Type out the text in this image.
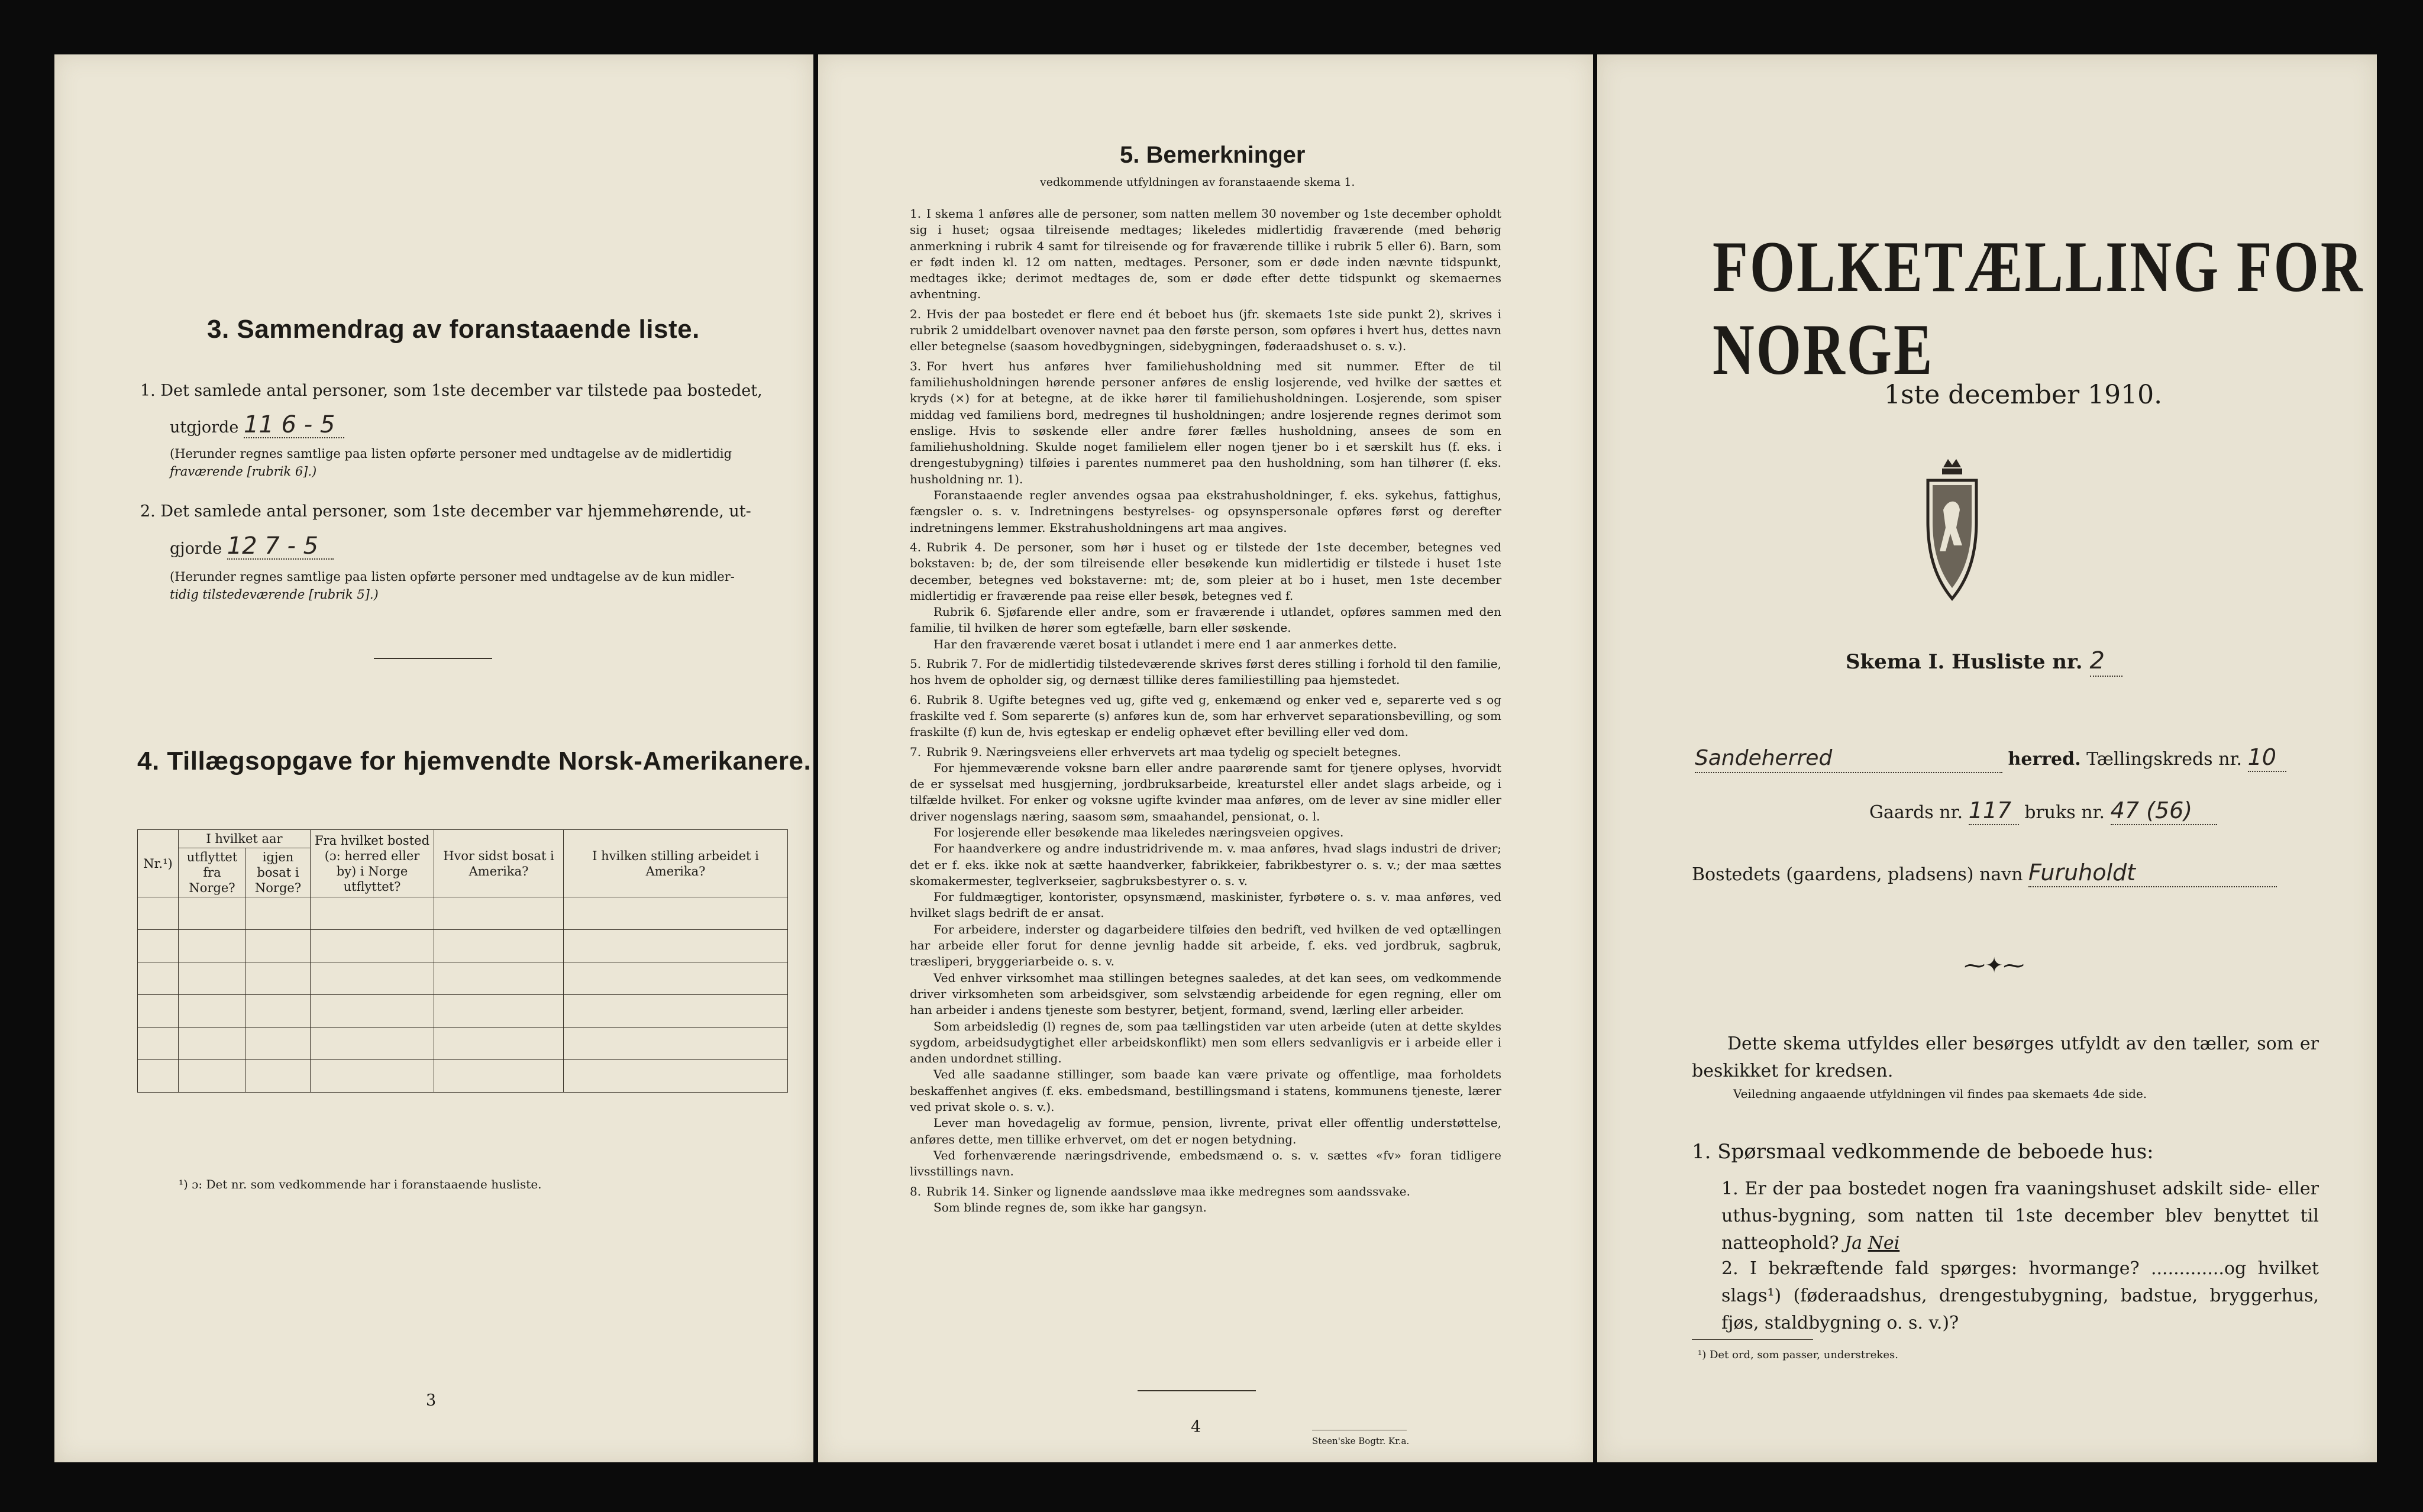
3. Sammendrag av foranstaaende liste.
1. Det samlede antal personer, som 1ste december var tilstede paa bostedet,
utgjorde 11 6 - 5
(Herunder regnes samtlige paa listen opførte personer med undtagelse av de midlertidig
fraværende [rubrik 6].)
2. Det samlede antal personer, som 1ste december var hjemmehørende, ut-
gjorde 12 7 - 5
(Herunder regnes samtlige paa listen opførte personer med undtagelse av de kun midler-
tidig tilstedeværende [rubrik 5].)
4. Tillægsopgave for hjemvendte Norsk-Amerikanere.
Nr.¹)	I hvilket aar		Fra hvilket bosted (ɔ: herred eller by) i Norge utflyttet?	Hvor sidst bosat i Amerika?	I hvilken stilling arbeidet i Amerika?
	utflyttet fra Norge?	igjen bosat i Norge?			

¹) ɔ: Det nr. som vedkommende har i foranstaaende husliste.
3
5. Bemerkninger
vedkommende utfyldningen av foranstaaende skema 1.

1. I skema 1 anføres alle de personer, som natten mellem 30 november og 1ste december opholdt sig i huset; ogsaa tilreisende medtages; likeledes midlertidig fraværende (med behørig anmerkning i rubrik 4 samt for tilreisende og for fraværende tillike i rubrik 5 eller 6). Barn, som er født inden kl. 12 om natten, medtages. Personer, som er døde inden nævnte tidspunkt, medtages ikke; derimot medtages de, som er døde efter dette tidspunkt og skemaernes avhentning.

2. Hvis der paa bostedet er flere end ét beboet hus (jfr. skemaets 1ste side punkt 2), skrives i rubrik 2 umiddelbart ovenover navnet paa den første person, som opføres i hvert hus, dettes navn eller betegnelse (saasom hovedbygningen, sidebygningen, føderaadshuset o. s. v.).

3. For hvert hus anføres hver familiehusholdning med sit nummer. Efter de til familiehusholdningen hørende personer anføres de enslig losjerende, ved hvilke der sættes et kryds (×) for at betegne, at de ikke hører til familiehusholdningen. Losjerende, som spiser middag ved familiens bord, medregnes til husholdningen; andre losjerende regnes derimot som enslige. Hvis to søskende eller andre fører fælles husholdning, ansees de som en familiehusholdning. Skulde noget familielem eller nogen tjener bo i et særskilt hus (f. eks. i drengestubygning) tilføies i parentes nummeret paa den husholdning, som han tilhører (f. eks. husholdning nr. 1).

Foranstaaende regler anvendes ogsaa paa ekstrahusholdninger, f. eks. sykehus, fattighus, fængsler o. s. v. Indretningens bestyrelses- og opsynspersonale opføres først og derefter indretningens lemmer. Ekstrahusholdningens art maa angives.

4. Rubrik 4. De personer, som hør i huset og er tilstede der 1ste december, betegnes ved bokstaven: b; de, der som tilreisende eller besøkende kun midlertidig er tilstede i huset 1ste december, betegnes ved bokstaverne: mt; de, som pleier at bo i huset, men 1ste december midlertidig er fraværende paa reise eller besøk, betegnes ved f.

Rubrik 6. Sjøfarende eller andre, som er fraværende i utlandet, opføres sammen med den familie, til hvilken de hører som egtefælle, barn eller søskende.

Har den fraværende været bosat i utlandet i mere end 1 aar anmerkes dette.

5. Rubrik 7. For de midlertidig tilstedeværende skrives først deres stilling i forhold til den familie, hos hvem de opholder sig, og dernæst tillike deres familiestilling paa hjemstedet.

6. Rubrik 8. Ugifte betegnes ved ug, gifte ved g, enkemænd og enker ved e, separerte ved s og fraskilte ved f. Som separerte (s) anføres kun de, som har erhvervet separationsbevilling, og som fraskilte (f) kun de, hvis egteskap er endelig ophævet efter bevilling eller ved dom.

7. Rubrik 9. Næringsveiens eller erhvervets art maa tydelig og specielt betegnes.

For hjemmeværende voksne barn eller andre paarørende samt for tjenere oplyses, hvorvidt de er sysselsat med husgjerning, jordbruksarbeide, kreaturstel eller andet slags arbeide, og i tilfælde hvilket. For enker og voksne ugifte kvinder maa anføres, om de lever av sine midler eller driver nogenslags næring, saasom søm, smaahandel, pensionat, o. l.

For losjerende eller besøkende maa likeledes næringsveien opgives.

For haandverkere og andre industridrivende m. v. maa anføres, hvad slags industri de driver; det er f. eks. ikke nok at sætte haandverker, fabrikkeier, fabrikbestyrer o. s. v.; der maa sættes skomakermester, teglverkseier, sagbruksbestyrer o. s. v.

For fuldmægtiger, kontorister, opsynsmænd, maskinister, fyrbøtere o. s. v. maa anføres, ved hvilket slags bedrift de er ansat.

For arbeidere, inderster og dagarbeidere tilføies den bedrift, ved hvilken de ved optællingen har arbeide eller forut for denne jevnlig hadde sit arbeide, f. eks. ved jordbruk, sagbruk, træsliperi, bryggeriarbeide o. s. v.

Ved enhver virksomhet maa stillingen betegnes saaledes, at det kan sees, om vedkommende driver virksomheten som arbeidsgiver, som selvstændig arbeidende for egen regning, eller om han arbeider i andens tjeneste som bestyrer, betjent, formand, svend, lærling eller arbeider.

Som arbeidsledig (l) regnes de, som paa tællingstiden var uten arbeide (uten at dette skyldes sygdom, arbeidsudygtighet eller arbeidskonflikt) men som ellers sedvanligvis er i arbeide eller i anden undordnet stilling.

Ved alle saadanne stillinger, som baade kan være private og offentlige, maa forholdets beskaffenhet angives (f. eks. embedsmand, bestillingsmand i statens, kommunens tjeneste, lærer ved privat skole o. s. v.).

Lever man hovedagelig av formue, pension, livrente, privat eller offentlig understøttelse, anføres dette, men tillike erhvervet, om det er nogen betydning.

Ved forhenværende næringsdrivende, embedsmænd o. s. v. sættes «fv» foran tidligere livsstillings navn.

8. Rubrik 14. Sinker og lignende aandssløve maa ikke medregnes som aandssvake.

Som blinde regnes de, som ikke har gangsyn.

4
Steen'ske Bogtr. Kr.a.
FOLKETÆLLING FOR NORGE
1ste december 1910.
Skema I. Husliste nr. 2
Sandeherred	herred. Tællingskreds nr. 10
Gaards nr. 117 bruks nr. 47 (56)
Bostedets (gaardens, pladsens) navn Furuholdt
⁓✦⁓
Dette skema utfyldes eller besørges utfyldt av den tæller, som er beskikket for kredsen.
Veiledning angaaende utfyldningen vil findes paa skemaets 4de side.
1. Spørsmaal vedkommende de beboede hus:
1. Er der paa bostedet nogen fra vaaningshuset adskilt side- eller uthus-bygning, som natten til 1ste december blev benyttet til natteophold? Ja Nei
2. I bekræftende fald spørges: hvormange? .............og hvilket slags¹) (føderaadshus, drengestubygning, badstue, bryggerhus, fjøs, staldbygning o. s. v.)?
¹) Det ord, som passer, understrekes.
